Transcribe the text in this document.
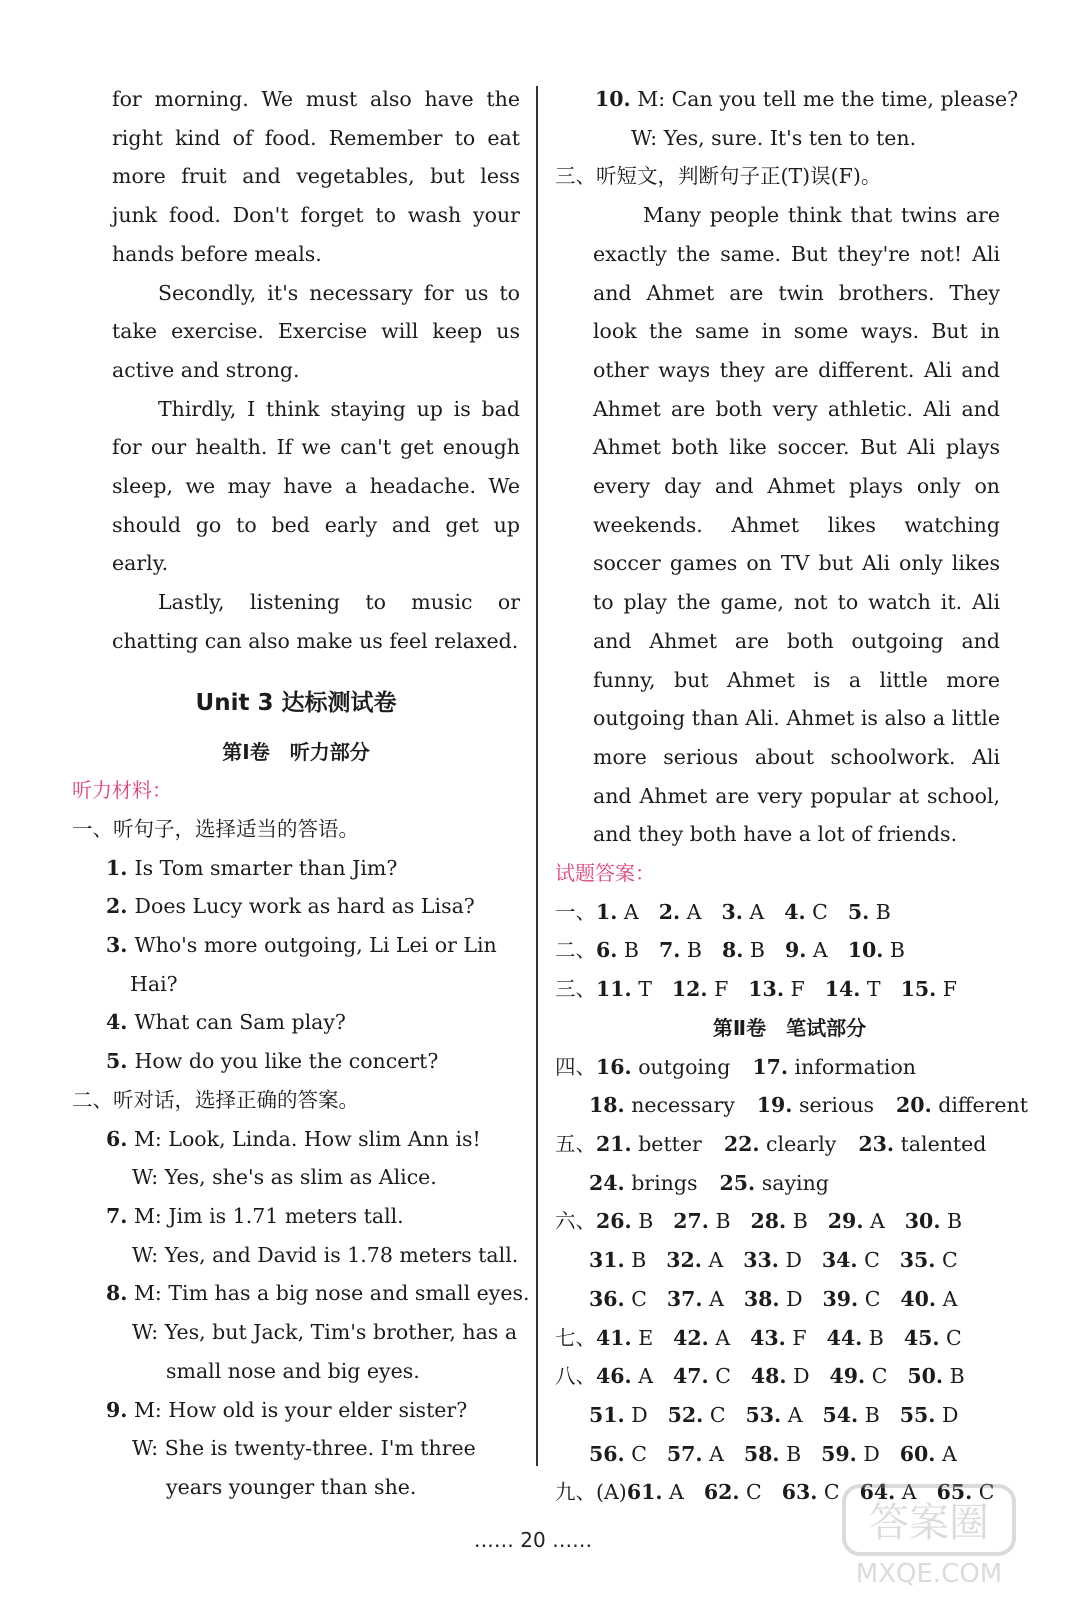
for morning. We must also have the right kind of food. Remember to eat more fruit and vegetables, but less junk food. Don't forget to wash your hands before meals.

Secondly, it's necessary for us to take exercise. Exercise will keep us active and strong.

Thirdly, I think staying up is bad for our health. If we can't get enough sleep, we may have a headache. We should go to bed early and get up early.

Lastly, listening to music or chatting can also make us feel relaxed.

Unit 3 达标测试卷
第Ⅰ卷　听力部分
听力材料：
一、听句子，选择适当的答语。
1. Is Tom smarter than Jim?
2. Does Lucy work as hard as Lisa?
3. Who's more outgoing, Li Lei or Lin
Hai?
4. What can Sam play?
5. How do you like the concert?
二、听对话，选择正确的答案。
6. M: Look, Linda. How slim Ann is!
W: Yes, she's as slim as Alice.
7. M: Jim is 1.71 meters tall.
W: Yes, and David is 1.78 meters tall.
8. M: Tim has a big nose and small eyes.
W: Yes, but Jack, Tim's brother, has a
small nose and big eyes.
9. M: How old is your elder sister?
W: She is twenty-three. I'm three
years younger than she.
10. M: Can you tell me the time, please?
W: Yes, sure. It's ten to ten.
三、听短文，判断句子正(T)误(F)。

Many people think that twins are exactly the same. But they're not! Ali and Ahmet are twin brothers. They look the same in some ways. But in other ways they are different. Ali and Ahmet are both very athletic. Ali and Ahmet both like soccer. But Ali plays every day and Ahmet plays only on weekends. Ahmet likes watching soccer games on TV but Ali only likes to play the game, not to watch it. Ali and Ahmet are both outgoing and funny, but Ahmet is a little more outgoing than Ali. Ahmet is also a little more serious about schoolwork. Ali and Ahmet are very popular at school, and they both have a lot of friends.

试题答案：
一、1. A 2. A 3. A 4. C 5. B
二、6. B 7. B 8. B 9. A 10. B
三、11. T 12. F 13. F 14. T 15. F
第Ⅱ卷　笔试部分
四、16. outgoing 17. information
18. necessary 19. serious 20. different
五、21. better 22. clearly 23. talented
24. brings 25. saying
六、26. B 27. B 28. B 29. A 30. B
31. B 32. A 33. D 34. C 35. C
36. C 37. A 38. D 39. C 40. A
七、41. E 42. A 43. F 44. B 45. C
八、46. A 47. C 48. D 49. C 50. B
51. D 52. C 53. A 54. B 55. D
56. C 57. A 58. B 59. D 60. A
九、(A)61. A 62. C 63. C 64. A 65. C
…… 20 ……	答案圈
MXQE.COM
